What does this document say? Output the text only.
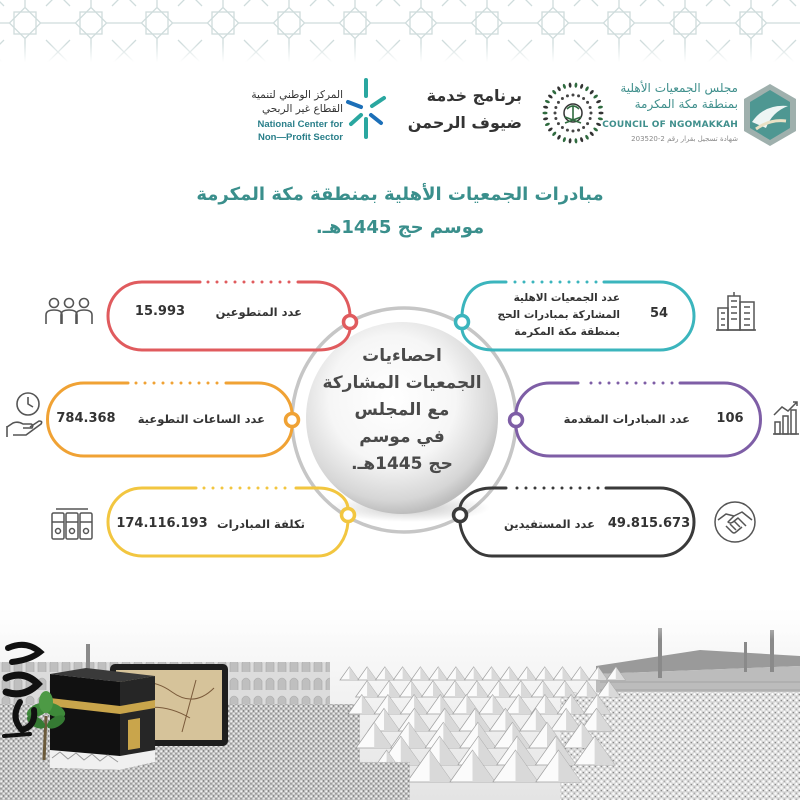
مجلس الجمعيات الأهلية
بمنطقة مكة المكرمة
COUNCIL OF NGOMAKKAH
شهادة تسجيل بقرار رقم 2-203520
برنامج خدمة
ضيوف الرحمن
المركز الوطني لتنمية
القطاع غير الربحي
National Center for
Non—Profit Sector
مبادرات الجمعيات الأهلية بمنطقة مكة المكرمة
موسم حج 1445هـ.
احصاءيات
الجمعيات المشاركة
مع المجلس
في موسم
حج 1445هـ.
عدد المتطوعين
15.993
عدد الساعات التطوعية
784.368
تكلفة المبادرات
174.116.193
عدد الجمعيات الاهلية
المشاركة بمبادرات الحج
بمنطقة مكة المكرمة
54
عدد المبادرات المقدمة	106
عدد المستفيدين 49.815.673
